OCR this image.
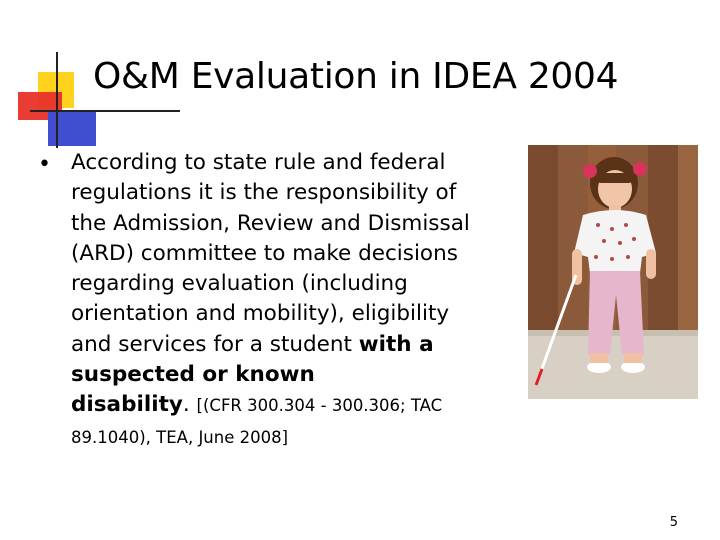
O&M Evaluation in IDEA 2004
• According to state rule and federal regulations it is the responsibility of the Admission, Review and Dismissal (ARD) committee to make decisions regarding evaluation (including orientation and mobility), eligibility and services for a student with a suspected or known disability. [(CFR 300.304 - 300.306; TAC 89.1040), TEA, June 2008]
5
